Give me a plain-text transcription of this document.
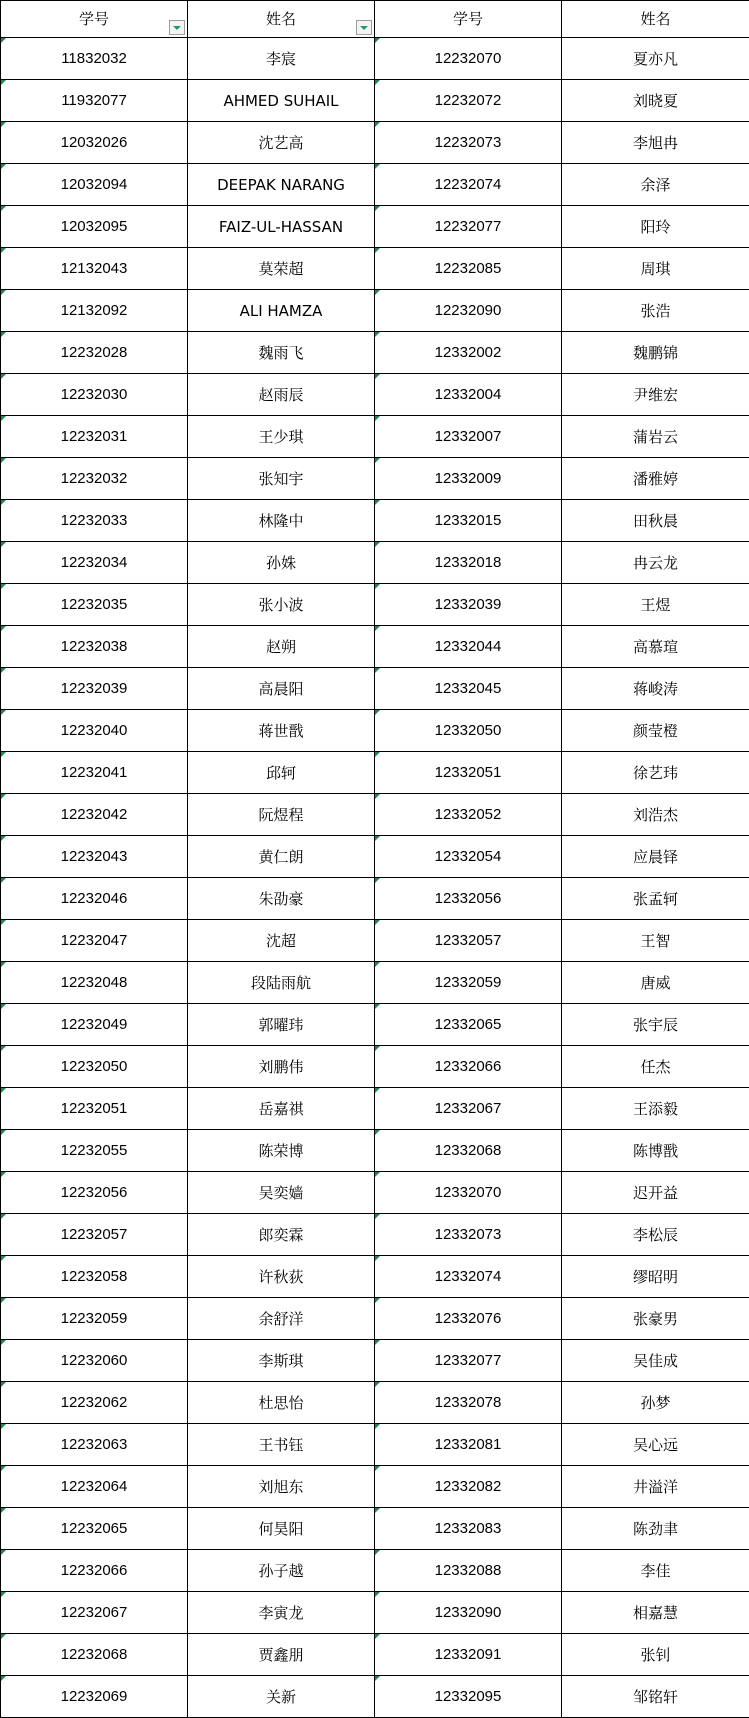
学号	姓名	学号	姓名

11832032	李宸	12232070	夏亦凡

11932077	AHMED SUHAIL	12232072	刘晓夏

12032026	沈艺高	12232073	李旭冉

12032094	DEEPAK NARANG	12232074	余泽

12032095	FAIZ-UL-HASSAN	12232077	阳玲

12132043	莫荣超	12232085	周琪

12132092	ALI HAMZA	12232090	张浩

12232028	魏雨飞	12332002	魏鹏锦

12232030	赵雨辰	12332004	尹维宏

12232031	王少琪	12332007	蒲岩云

12232032	张知宇	12332009	潘雅婷

12232033	林隆中	12332015	田秋晨

12232034	孙姝	12332018	冉云龙

12232035	张小波	12332039	王煜

12232038	赵朔	12332044	高慕瑄

12232039	高晨阳	12332045	蒋峻涛

12232040	蒋世戬	12332050	颜莹橙

12232041	邱轲	12332051	徐艺玮

12232042	阮煜程	12332052	刘浩杰

12232043	黄仁朗	12332054	应晨铎

12232046	朱劭豪	12332056	张孟轲

12232047	沈超	12332057	王智

12232048	段陆雨航	12332059	唐威

12232049	郭曜玮	12332065	张宇辰

12232050	刘鹏伟	12332066	任杰

12232051	岳嘉祺	12332067	王添毅

12232055	陈荣博	12332068	陈博戬

12232056	吴奕嫱	12332070	迟开益

12232057	郎奕霖	12332073	李松辰

12232058	许秋荻	12332074	缪昭明

12232059	余舒洋	12332076	张豪男

12232060	李斯琪	12332077	吴佳成

12232062	杜思怡	12332078	孙梦

12232063	王书钰	12332081	吴心远

12232064	刘旭东	12332082	井溢洋

12232065	何昊阳	12332083	陈劲聿

12232066	孙子越	12332088	李佳

12232067	李寅龙	12332090	相嘉慧

12232068	贾鑫朋	12332091	张钊

12232069	关新	12332095	邹铭轩
